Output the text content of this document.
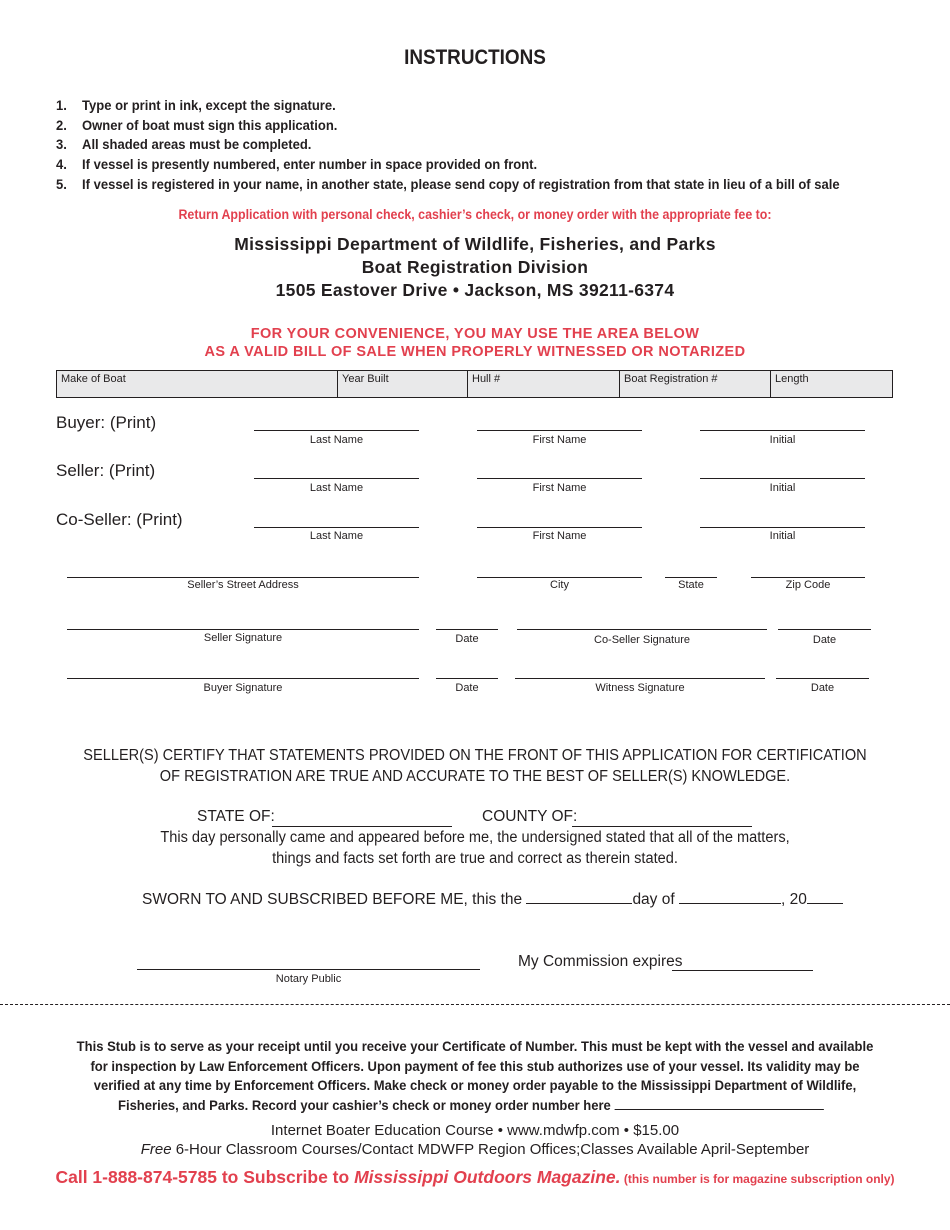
INSTRUCTIONS
1. Type or print in ink, except the signature.
2. Owner of boat must sign this application.
3. All shaded areas must be completed.
4. If vessel is presently numbered, enter number in space provided on front.
5. If vessel is registered in your name, in another state, please send copy of registration from that state in lieu of a bill of sale
Return Application with personal check, cashier’s check, or money order with the appropriate fee to:
Mississippi Department of Wildlife, Fisheries, and Parks
Boat Registration Division
1505 Eastover Drive • Jackson, MS 39211-6374
FOR YOUR CONVENIENCE, YOU MAY USE THE AREA BELOW
AS A VALID BILL OF SALE WHEN PROPERLY WITNESSED OR NOTARIZED
Make of Boat	Year Built	Hull #	Boat Registration #	Length
Buyer: (Print)
Last Name	First Name	Initial
Seller: (Print)
Last Name	First Name	Initial
Co-Seller: (Print)
Last Name	First Name	Initial
Seller’s Street Address	City	State	Zip Code
Seller Signature	Date	Co-Seller Signature	Date
Buyer Signature	Date	Witness Signature	Date
SELLER(S) CERTIFY THAT STATEMENTS PROVIDED ON THE FRONT OF THIS APPLICATION FOR CERTIFICATION
OF REGISTRATION ARE TRUE AND ACCURATE TO THE BEST OF SELLER(S) KNOWLEDGE.
STATE OF:	COUNTY OF:
This day personally came and appeared before me, the undersigned stated that all of the matters,
things and facts set forth are true and correct as therein stated.
SWORN TO AND SUBSCRIBED BEFORE ME, this the	day of	, 20
Notary Public
My Commission expires
This Stub is to serve as your receipt until you receive your Certificate of Number. This must be kept with the vessel and available
for inspection by Law Enforcement Officers. Upon payment of fee this stub authorizes use of your vessel. Its validity may be
verified at any time by Enforcement Officers. Make check or money order payable to the Mississippi Department of Wildlife,
Fisheries, and Parks. Record your cashier’s check or money order number here
Internet Boater Education Course • www.mdwfp.com • $15.00
Free 6-Hour Classroom Courses/Contact MDWFP Region Offices;Classes Available April-September
Call 1-888-874-5785 to Subscribe to Mississippi Outdoors Magazine. (this number is for magazine subscription only)
